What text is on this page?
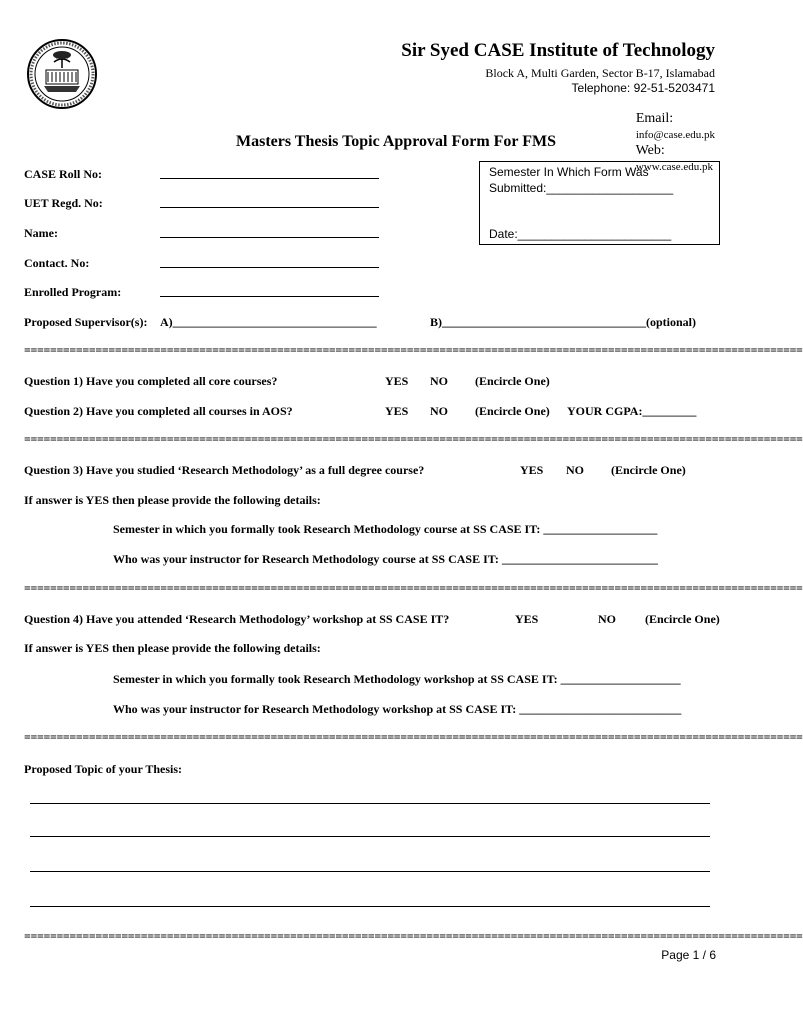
Sir Syed CASE Institute of Technology
Block A, Multi Garden, Sector B-17, Islamabad
Telephone: 92-51-5203471

Email:
info@case.edu.pk
Web:
www.case.edu.pk

Masters Thesis Topic Approval Form For FMS
CASE Roll No:
UET Regd. No:
Name:
Contact. No:
Enrolled Program:
Semester In Which Form Was
Submitted:___________________
Date:_______________________
Proposed Supervisor(s): A)__________________________________	B)__________________________________(optional)
========================================================================================================================
Question 1) Have you completed all core courses?	YES NO (Encircle One)
Question 2) Have you completed all courses in AOS?	YES NO (Encircle One) YOUR CGPA:_________
========================================================================================================================
Question 3) Have you studied ‘Research Methodology’ as a full degree course?	YES NO (Encircle One)
If answer is YES then please provide the following details:
Semester in which you formally took Research Methodology course at SS CASE IT: ___________________
Who was your instructor for Research Methodology course at SS CASE IT: __________________________
========================================================================================================================
Question 4) Have you attended ‘Research Methodology’ workshop at SS CASE IT?	YES	NO (Encircle One)
If answer is YES then please provide the following details:
Semester in which you formally took Research Methodology workshop at SS CASE IT: ____________________
Who was your instructor for Research Methodology workshop at SS CASE IT: ___________________________
========================================================================================================================
Proposed Topic of your Thesis:
========================================================================================================================
Page 1 / 6
